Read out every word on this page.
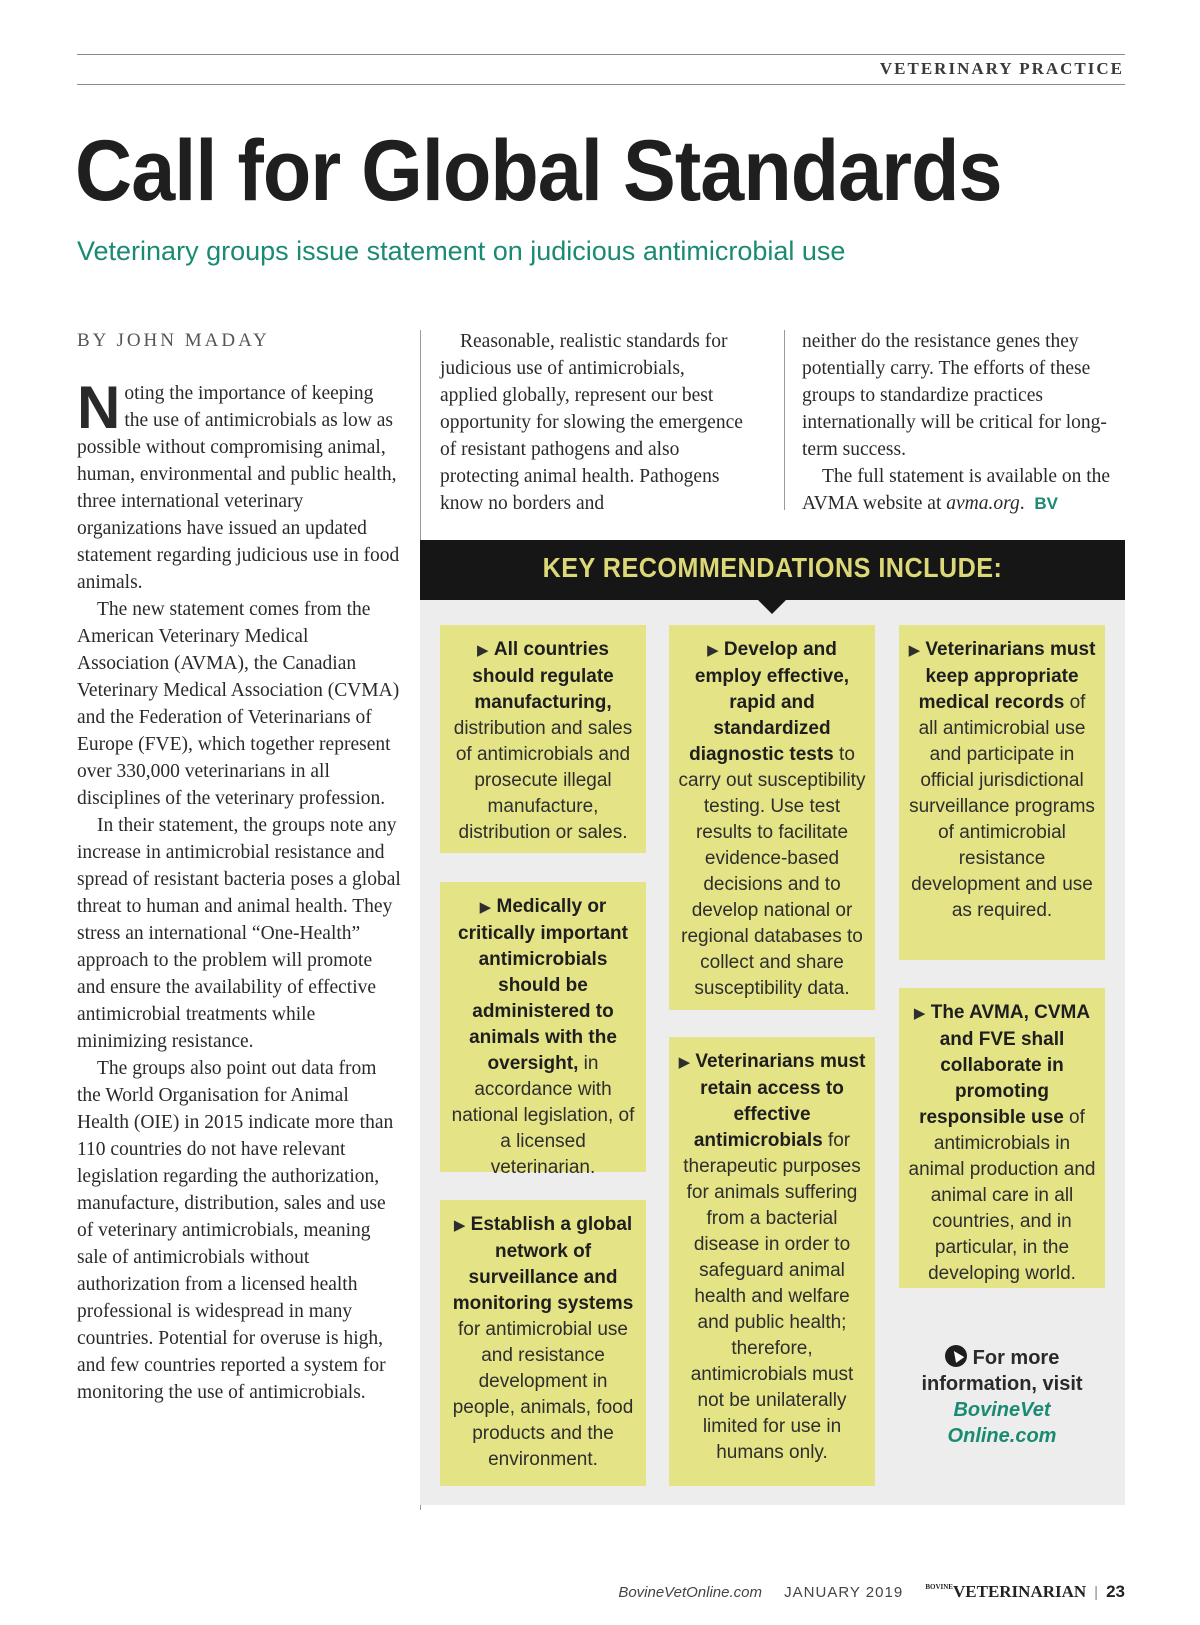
VETERINARY PRACTICE
Call for Global Standards
Veterinary groups issue statement on judicious antimicrobial use
BY JOHN MADAY

Noting the importance of keeping the use of antimicrobials as low as possible without compromising animal, human, environmental and public health, three international veterinary organizations have issued an updated statement regarding judicious use in food animals.

The new statement comes from the American Veterinary Medical Association (AVMA), the Canadian Veterinary Medical Association (CVMA) and the Federation of Veterinarians of Europe (FVE), which together represent over 330,000 veterinarians in all disciplines of the veterinary profession.

In their statement, the groups note any increase in antimicrobial resistance and spread of resistant bacteria poses a global threat to human and animal health. They stress an international “One-Health” approach to the problem will promote and ensure the availability of effective antimicrobial treatments while minimizing resistance.

The groups also point out data from the World Organisation for Animal Health (OIE) in 2015 indicate more than 110 countries do not have relevant legislation regarding the authorization, manufacture, distribution, sales and use of veterinary antimicrobials, meaning sale of antimicrobials without authorization from a licensed health professional is widespread in many countries. Potential for overuse is high, and few countries reported a system for monitoring the use of antimicrobials.

Reasonable, realistic standards for judicious use of antimicrobials, applied globally, represent our best opportunity for slowing the emergence of resistant pathogens and also protecting animal health. Pathogens know no borders and

neither do the resistance genes they potentially carry. The efforts of these groups to standardize practices internationally will be critical for long-term success.

The full statement is available on the AVMA website at avma.org. BV

KEY RECOMMENDATIONS INCLUDE:
▶ All countries should regulate manufacturing, distribution and sales of antimicrobials and prosecute illegal manufacture, distribution or sales.
▶ Medically or critically important antimicrobials should be administered to animals with the oversight, in accordance with national legislation, of a licensed veterinarian.
▶ Establish a global network of surveillance and monitoring systems for antimicrobial use and resistance development in people, animals, food products and the environment.
▶ Develop and employ effective, rapid and standardized diagnostic tests to carry out susceptibility testing. Use test results to facilitate evidence-based decisions and to develop national or regional databases to collect and share susceptibility data.
▶ Veterinarians must retain access to effective antimicrobials for therapeutic purposes for animals suffering from a bacterial disease in order to safeguard animal health and welfare and public health; therefore, antimicrobials must not be unilaterally limited for use in humans only.
▶ Veterinarians must keep appropriate medical records of all antimicrobial use and participate in official jurisdictional surveillance programs of antimicrobial resistance development and use as required.
▶ The AVMA, CVMA and FVE shall collaborate in promoting responsible use of antimicrobials in animal production and animal care in all countries, and in particular, in the developing world.
For more information, visit
BovineVet Online.com
BovineVetOnline.com JANUARY 2019	$^{BOVINE}$VETERINARIAN | 23
